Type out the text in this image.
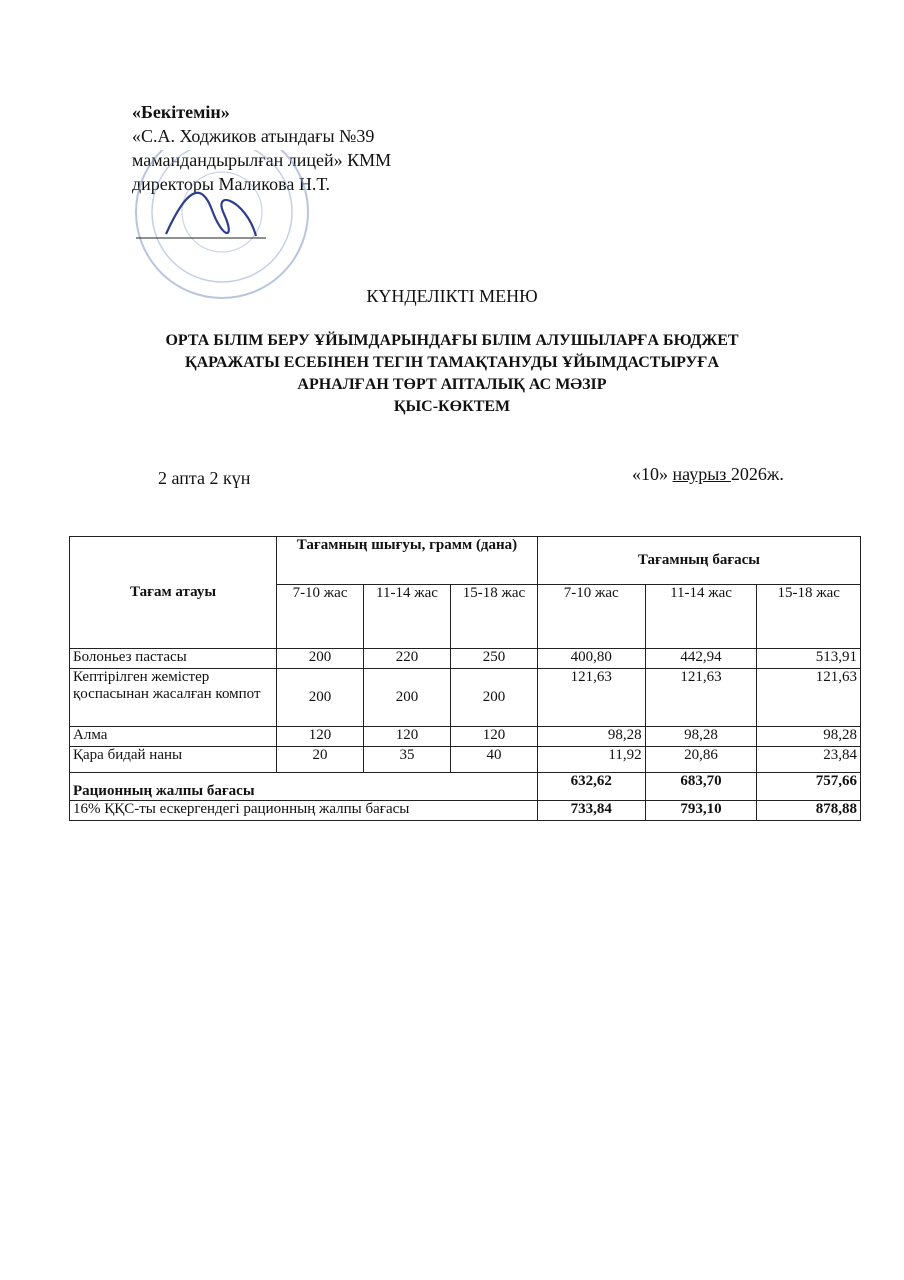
«Бекітемін»
«С.А. Ходжиков атындағы №39
мамандандырылған лицей» КММ
директоры Маликова Н.Т.
КҮНДЕЛІКТІ МЕНЮ
ОРТА БІЛІМ БЕРУ ҰЙЫМДАРЫНДАҒЫ БІЛІМ АЛУШЫЛАРҒА БЮДЖЕТ
ҚАРАЖАТЫ ЕСЕБІНЕН ТЕГІН ТАМАҚТАНУДЫ ҰЙЫМДАСТЫРУҒА
АРНАЛҒАН ТӨРТ АПТАЛЫҚ АС МӘЗІР
ҚЫС-КӨКТЕМ
2 апта 2 күн	«10» наурыз 2026ж.
Тағам атауы	Тағамның шығуы, грамм (дана)			Тағамның бағасы		
	7-10 жас	11-14 жас	15-18 жас	7-10 жас	11-14 жас	15-18 жас
Болоньез пастасы	200	220	250	400,80	442,94	513,91
Кептірілген жемістер қоспасынан жасалған компот	200	200	200	121,63	121,63	121,63
Алма	120	120	120	98,28	98,28	98,28
Қара бидай наны	20	35	40	11,92	20,86	23,84
Рационның жалпы бағасы				632,62	683,70	757,66
16% ҚҚС-ты ескергендегі рационның жалпы бағасы				733,84	793,10	878,88
